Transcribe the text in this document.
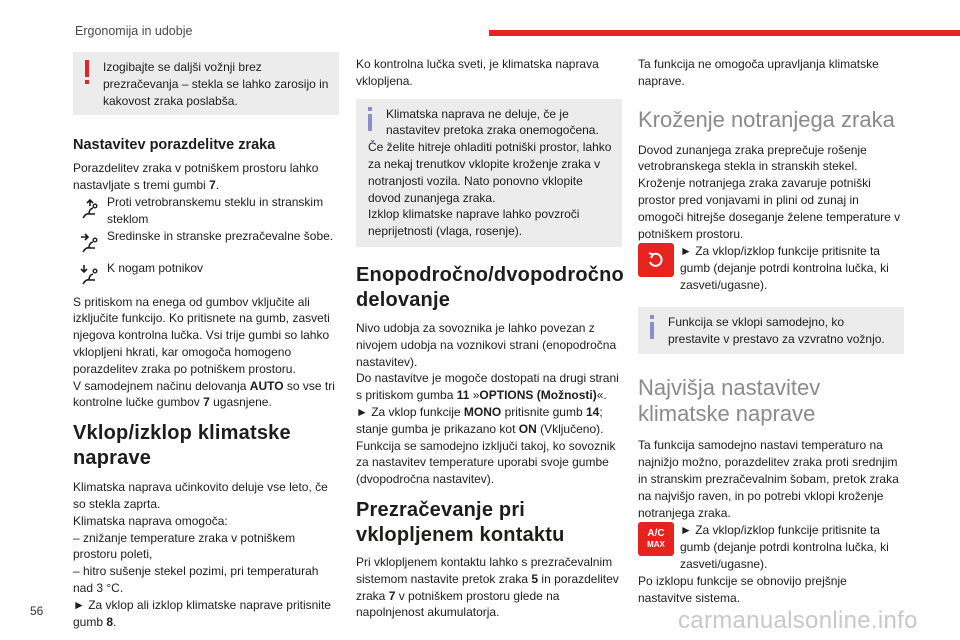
Ergonomija in udobje

Izogibajte se daljši vožnji brez prezračevanja – stekla se lahko zarosijo in kakovost zraka poslabša.

Nastavitev porazdelitve zraka

Porazdelitev zraka v potniškem prostoru lahko nastavljate s tremi gumbi 7.

Proti vetrobranskemu steklu in stranskim steklom
Sredinske in stranske prezračevalne šobe.
K nogam potnikov

S pritiskom na enega od gumbov vključite ali izključite funkcijo. Ko pritisnete na gumb, zasveti njegova kontrolna lučka. Vsi trije gumbi so lahko vklopljeni hkrati, kar omogoča homogeno porazdelitev zraka po potniškem prostoru.

V samodejnem načinu delovanja AUTO so vse tri kontrolne lučke gumbov 7 ugasnjene.

Vklop/izklop klimatske naprave

Klimatska naprava učinkovito deluje vse leto, če so stekla zaprta.

Klimatska naprava omogoča:

– znižanje temperature zraka v potniškem prostoru poleti,

– hitro sušenje stekel pozimi, pri temperaturah nad 3 °C.

► Za vklop ali izklop klimatske naprave pritisnite gumb 8.

Ko kontrolna lučka sveti, je klimatska naprava vklopljena.

Klimatska naprava ne deluje, če je nastavitev pretoka zraka onemogočena.

Če želite hitreje ohladiti potniški prostor, lahko za nekaj trenutkov vklopite kroženje zraka v notranjosti vozila. Nato ponovno vklopite dovod zunanjega zraka.

Izklop klimatske naprave lahko povzroči neprijetnosti (vlaga, rosenje).

Enopodročno/dvopodročno delovanje

Nivo udobja za sovoznika je lahko povezan z nivojem udobja na voznikovi strani (enopodročna nastavitev).

Do nastavitve je mogoče dostopati na drugi strani s pritiskom gumba 11 »OPTIONS (Možnosti)«.

► Za vklop funkcije MONO pritisnite gumb 14; stanje gumba je prikazano kot ON (Vključeno).

Funkcija se samodejno izključi takoj, ko sovoznik za nastavitev temperature uporabi svoje gumbe (dvopodročna nastavitev).

Prezračevanje pri vklopljenem kontaktu

Pri vklopljenem kontaktu lahko s prezračevalnim sistemom nastavite pretok zraka 5 in porazdelitev zraka 7 v potniškem prostoru glede na napolnjenost akumulatorja.

Ta funkcija ne omogoča upravljanja klimatske naprave.

Kroženje notranjega zraka

Dovod zunanjega zraka preprečuje rošenje vetrobranskega stekla in stranskih stekel. Kroženje notranjega zraka zavaruje potniški prostor pred vonjavami in plini od zunaj in omogoči hitrejše doseganje želene temperature v potniškem prostoru.

► Za vklop/izklop funkcije pritisnite ta gumb (dejanje potrdi kontrolna lučka, ki zasveti/ugasne).

Funkcija se vklopi samodejno, ko prestavite v prestavo za vzvratno vožnjo.

Najvišja nastavitev klimatske naprave

Ta funkcija samodejno nastavi temperaturo na najnižjo možno, porazdelitev zraka proti srednjim in stranskim prezračevalnim šobam, pretok zraka na najvišjo raven, in po potrebi vklopi kroženje notranjega zraka.

A/C
MAX
► Za vklop/izklop funkcije pritisnite ta gumb (dejanje potrdi kontrolna lučka, ki zasveti/ugasne).

Po izklopu funkcije se obnovijo prejšnje nastavitve sistema.

56	carmanualsonline.info
